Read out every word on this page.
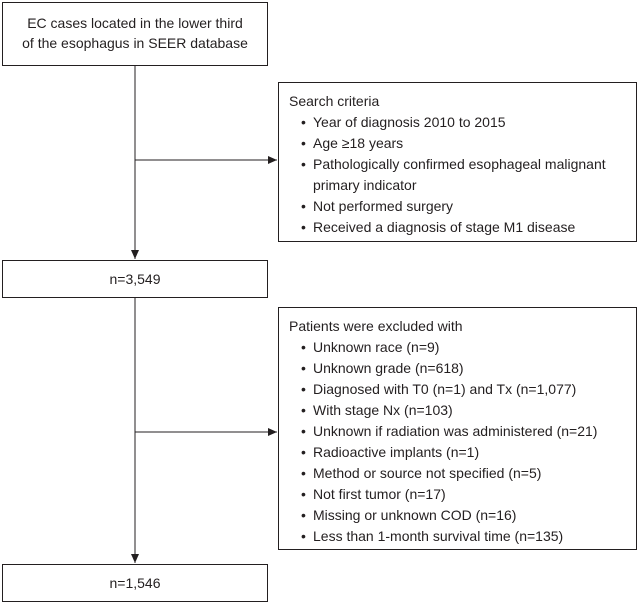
EC cases located in the lower third
of the esophagus in SEER database
Search criteria
• Year of diagnosis 2010 to 2015
• Age ≥18 years
• Pathologically confirmed esophageal malignant primary indicator
• Not performed surgery
• Received a diagnosis of stage M1 disease
n=3,549
Patients were excluded with
• Unknown race (n=9)
• Unknown grade (n=618)
• Diagnosed with T0 (n=1) and Tx (n=1,077)
• With stage Nx (n=103)
• Unknown if radiation was administered (n=21)
• Radioactive implants (n=1)
• Method or source not specified (n=5)
• Not first tumor (n=17)
• Missing or unknown COD (n=16)
• Less than 1-month survival time (n=135)
n=1,546
